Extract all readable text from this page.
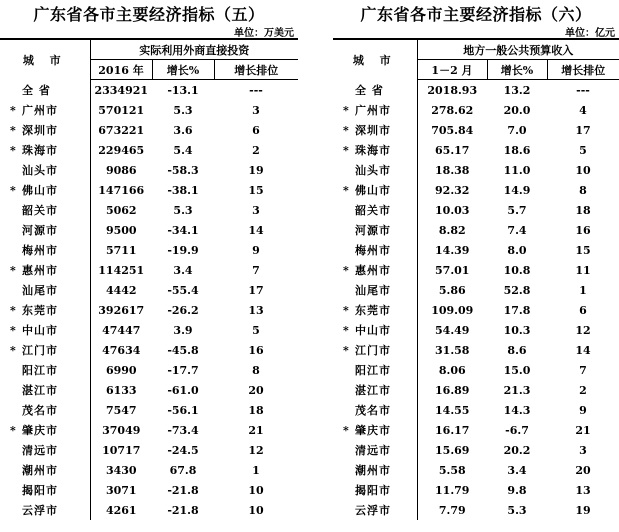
广东省各市主要经济指标（五）
单位：万美元
城 市	实际利用外商直接投资		
	2016 年	增长%	增长排位
全 省	2334921	-13.1	---
* 广州市	570121	5.3	3
* 深圳市	673221	3.6	6
* 珠海市	229465	5.4	2
汕头市	9086	-58.3	19
* 佛山市	147166	-38.1	15
韶关市	5062	5.3	3
河源市	9500	-34.1	14
梅州市	5711	-19.9	9
* 惠州市	114251	3.4	7
汕尾市	4442	-55.4	17
* 东莞市	392617	-26.2	13
* 中山市	47447	3.9	5
* 江门市	47634	-45.8	16
阳江市	6990	-17.7	8
湛江市	6133	-61.0	20
茂名市	7547	-56.1	18
* 肇庆市	37049	-73.4	21
清远市	10717	-24.5	12
潮州市	3430	67.8	1
揭阳市	3071	-21.8	10
云浮市	4261	-21.8	10
广东省各市主要经济指标（六）
单位：亿元
城 市	地方一般公共预算收入		
	1－2 月	增长%	增长排位
全 省	2018.93	13.2	---
* 广州市	278.62	20.0	4
* 深圳市	705.84	7.0	17
* 珠海市	65.17	18.6	5
汕头市	18.38	11.0	10
* 佛山市	92.32	14.9	8
韶关市	10.03	5.7	18
河源市	8.82	7.4	16
梅州市	14.39	8.0	15
* 惠州市	57.01	10.8	11
汕尾市	5.86	52.8	1
* 东莞市	109.09	17.8	6
* 中山市	54.49	10.3	12
* 江门市	31.58	8.6	14
阳江市	8.06	15.0	7
湛江市	16.89	21.3	2
茂名市	14.55	14.3	9
* 肇庆市	16.17	-6.7	21
清远市	15.69	20.2	3
潮州市	5.58	3.4	20
揭阳市	11.79	9.8	13
云浮市	7.79	5.3	19
